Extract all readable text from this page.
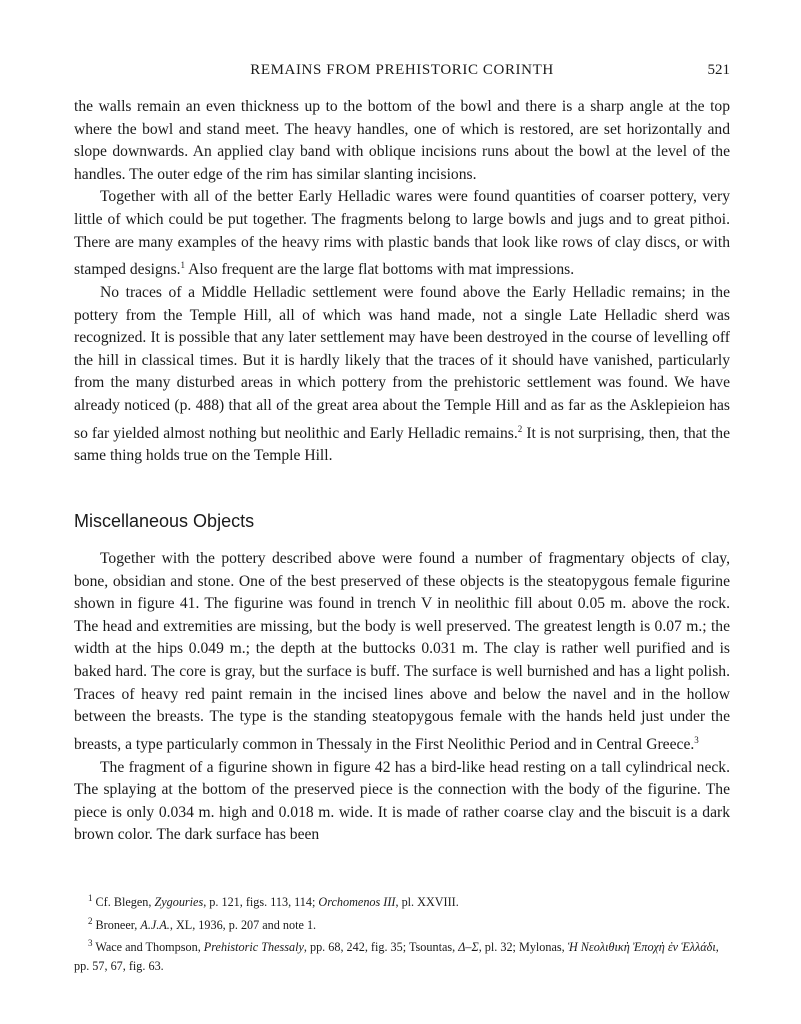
REMAINS FROM PREHISTORIC CORINTH	521

the walls remain an even thickness up to the bottom of the bowl and there is a sharp angle at the top where the bowl and stand meet. The heavy handles, one of which is restored, are set horizontally and slope downwards. An applied clay band with oblique incisions runs about the bowl at the level of the handles. The outer edge of the rim has similar slanting incisions.

Together with all of the better Early Helladic wares were found quantities of coarser pottery, very little of which could be put together. The fragments belong to large bowls and jugs and to great pithoi. There are many examples of the heavy rims with plastic bands that look like rows of clay discs, or with stamped designs.$^1$ Also frequent are the large flat bottoms with mat impressions.

No traces of a Middle Helladic settlement were found above the Early Helladic remains; in the pottery from the Temple Hill, all of which was hand made, not a single Late Helladic sherd was recognized. It is possible that any later settlement may have been destroyed in the course of levelling off the hill in classical times. But it is hardly likely that the traces of it should have vanished, particularly from the many disturbed areas in which pottery from the prehistoric settlement was found. We have already noticed (p. 488) that all of the great area about the Temple Hill and as far as the Asklepieion has so far yielded almost nothing but neolithic and Early Helladic remains.$^2$ It is not surprising, then, that the same thing holds true on the Temple Hill.

Miscellaneous Objects

Together with the pottery described above were found a number of fragmentary objects of clay, bone, obsidian and stone. One of the best preserved of these objects is the steatopygous female figurine shown in figure 41. The figurine was found in trench V in neolithic fill about 0.05 m. above the rock. The head and extremities are missing, but the body is well preserved. The greatest length is 0.07 m.; the width at the hips 0.049 m.; the depth at the buttocks 0.031 m. The clay is rather well purified and is baked hard. The core is gray, but the surface is buff. The surface is well burnished and has a light polish. Traces of heavy red paint remain in the incised lines above and below the navel and in the hollow between the breasts. The type is the standing steatopygous female with the hands held just under the breasts, a type particularly common in Thessaly in the First Neolithic Period and in Central Greece.$^3$

The fragment of a figurine shown in figure 42 has a bird-like head resting on a tall cylindrical neck. The splaying at the bottom of the preserved piece is the connection with the body of the figurine. The piece is only 0.034 m. high and 0.018 m. wide. It is made of rather coarse clay and the biscuit is a dark brown color. The dark surface has been

$^1$ Cf. Blegen, Zygouries, p. 121, figs. 113, 114; Orchomenos III, pl. XXVIII.
$^2$ Broneer, A.J.A., XL, 1936, p. 207 and note 1.
$^3$ Wace and Thompson, Prehistoric Thessaly, pp. 68, 242, fig. 35; Tsountas, Δ–Σ, pl. 32; Mylonas, Ἡ Νεολιθικὴ Ἐποχὴ ἐν Ἑλλάδι, pp. 57, 67, fig. 63.
